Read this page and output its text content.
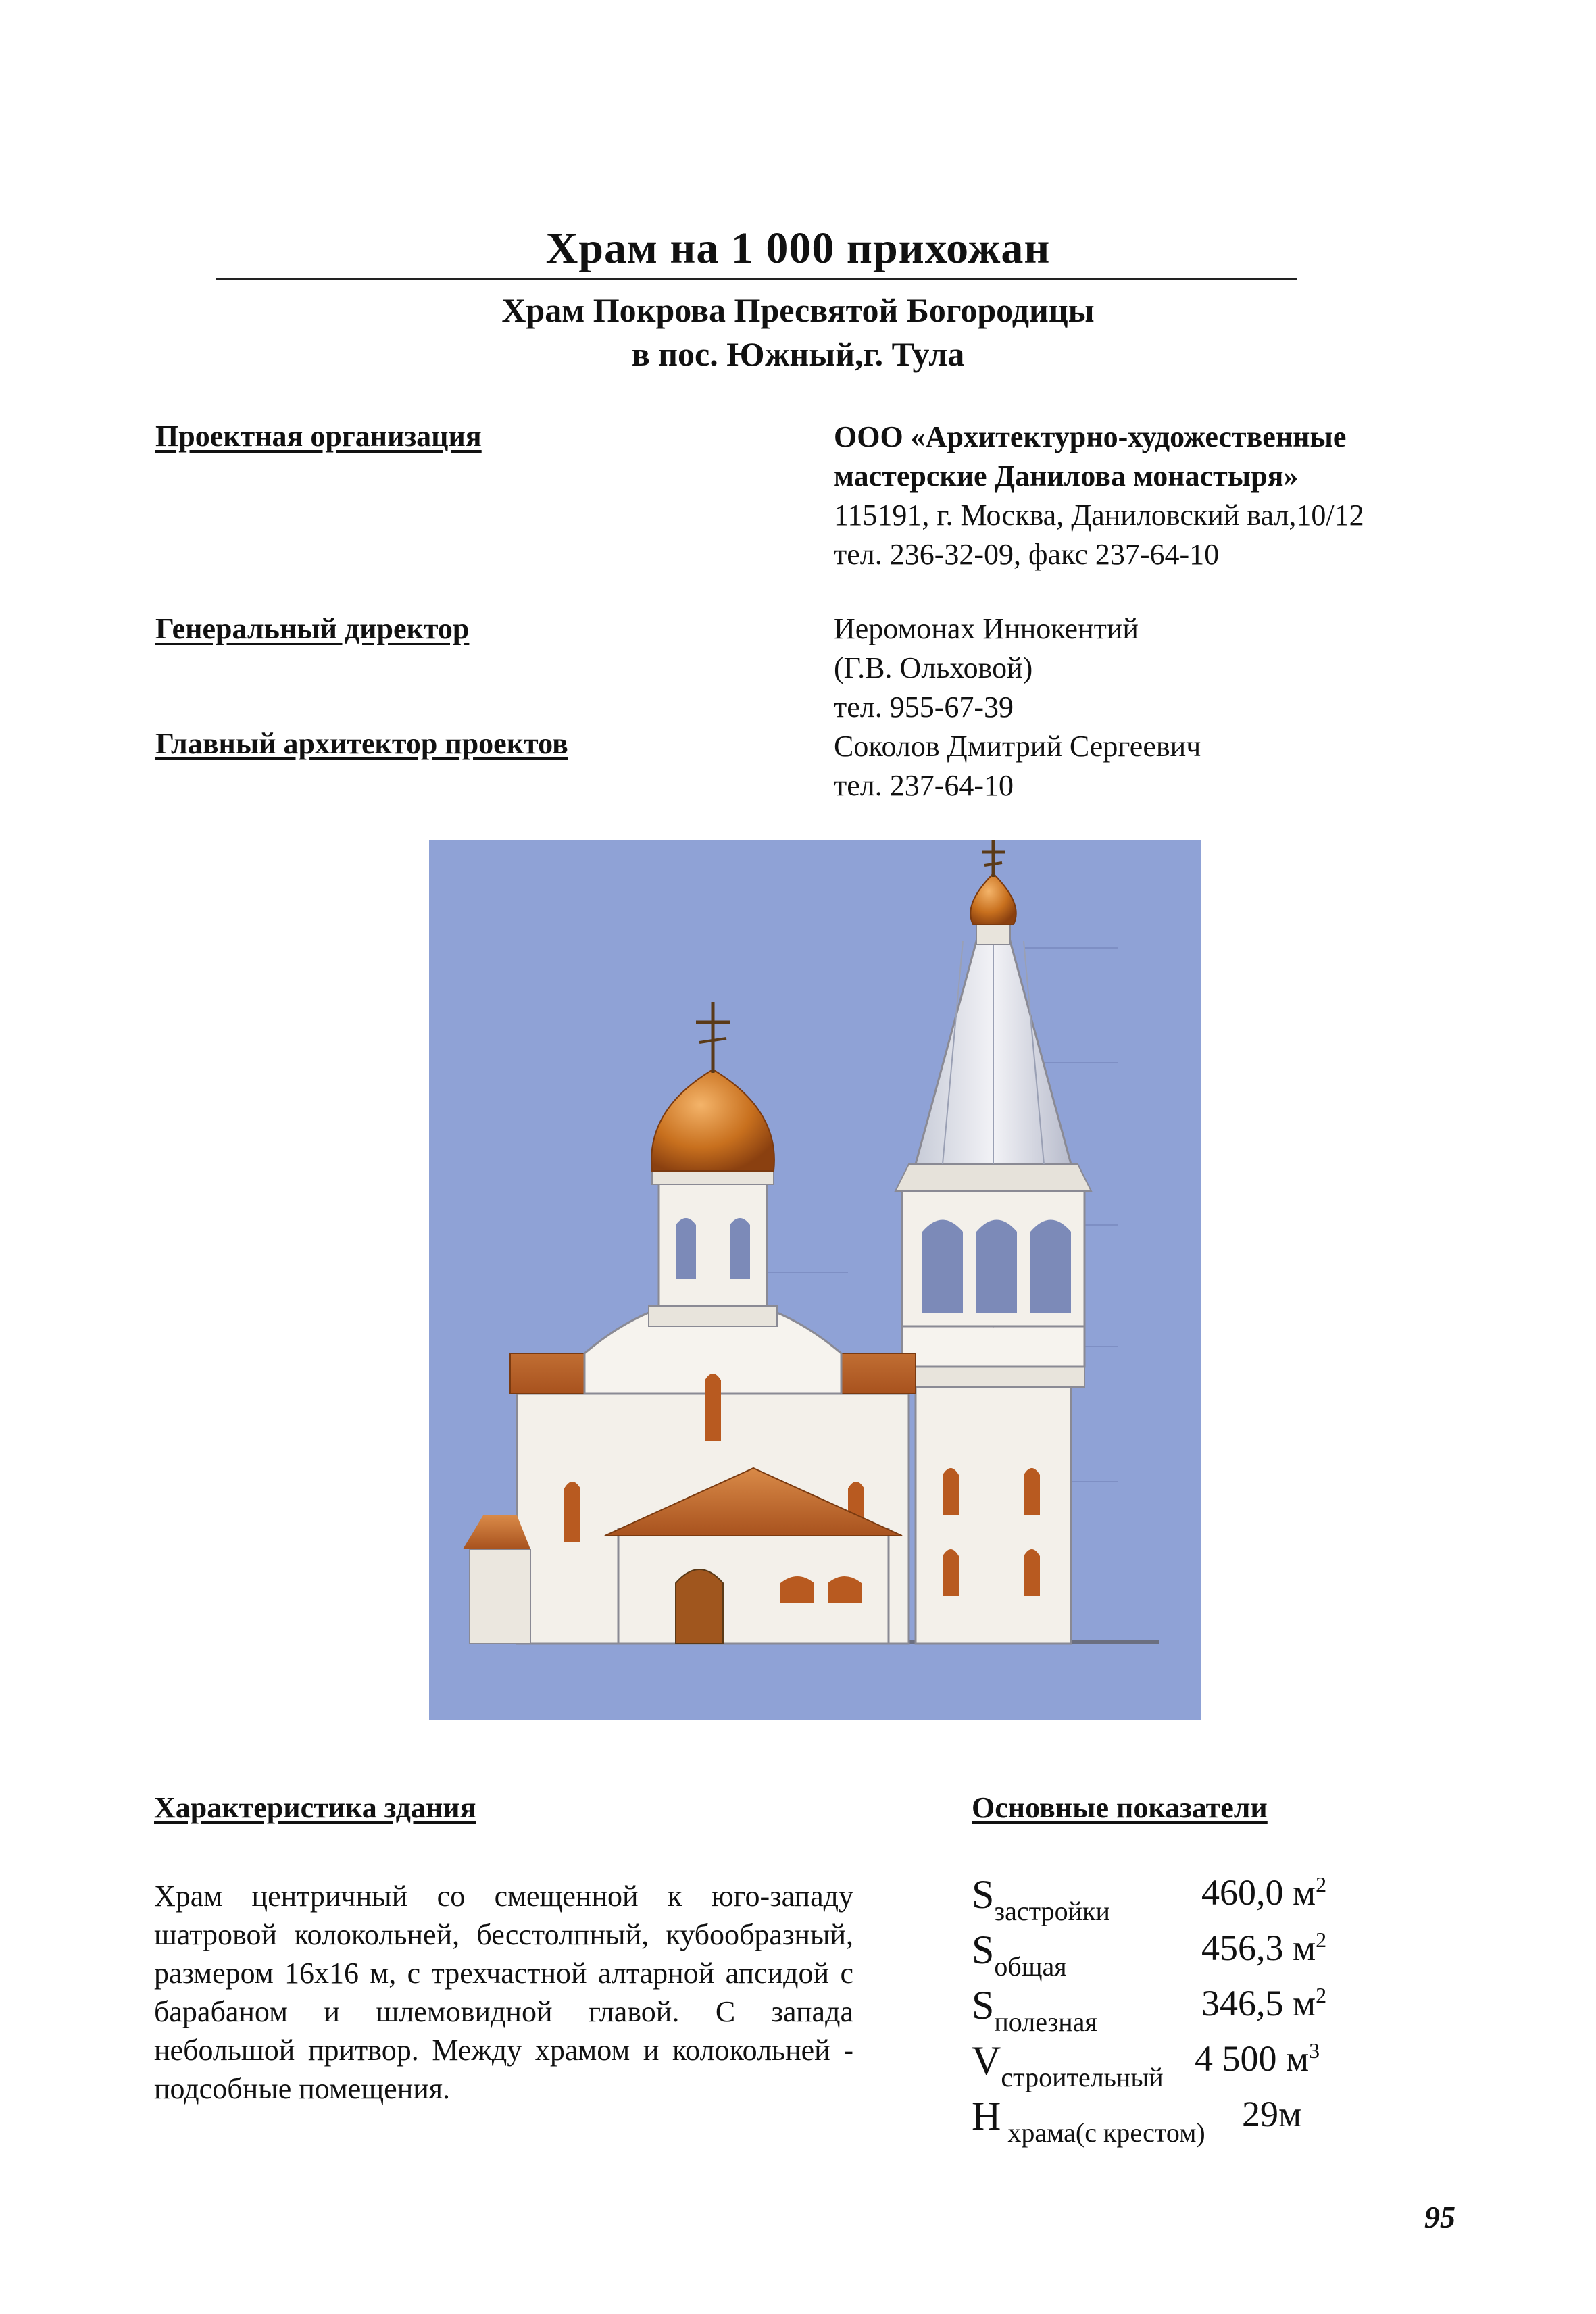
Храм на 1 000 прихожан
Храм Покрова Пресвятой Богородицы
в пос. Южный,г. Тула
Проектная организация	ООО «Архитектурно-художественные
мастерские Данилова монастыря»
115191, г. Москва, Даниловский вал,10/12
тел. 236-32-09, факс 237-64-10
Генеральный директор	Иеромонах Иннокентий
(Г.В. Ольховой)
тел. 955-67-39
Главный архитектор проектов	Соколов Дмитрий Сергеевич
тел. 237-64-10
Характеристика здания
Храм центричный со смещенной к юго-западу шатровой колокольней, бесстолпный, кубообразный, размером 16х16 м, с трехчастной алтарной апсидой с барабаном и шлемовидной главой. С запада небольшой притвор. Между храмом и колокольней - подсобные помещения.
Основные показатели
$S_{застройки}$	460,0 $м^2$
$S_{общая}$	456,3 $м^2$
$S_{полезная}$	346,5 $м^2$
$V_{строительный}$ 4 500 $м^3$
H $_{храма(с крестом)}$ 29м
95
